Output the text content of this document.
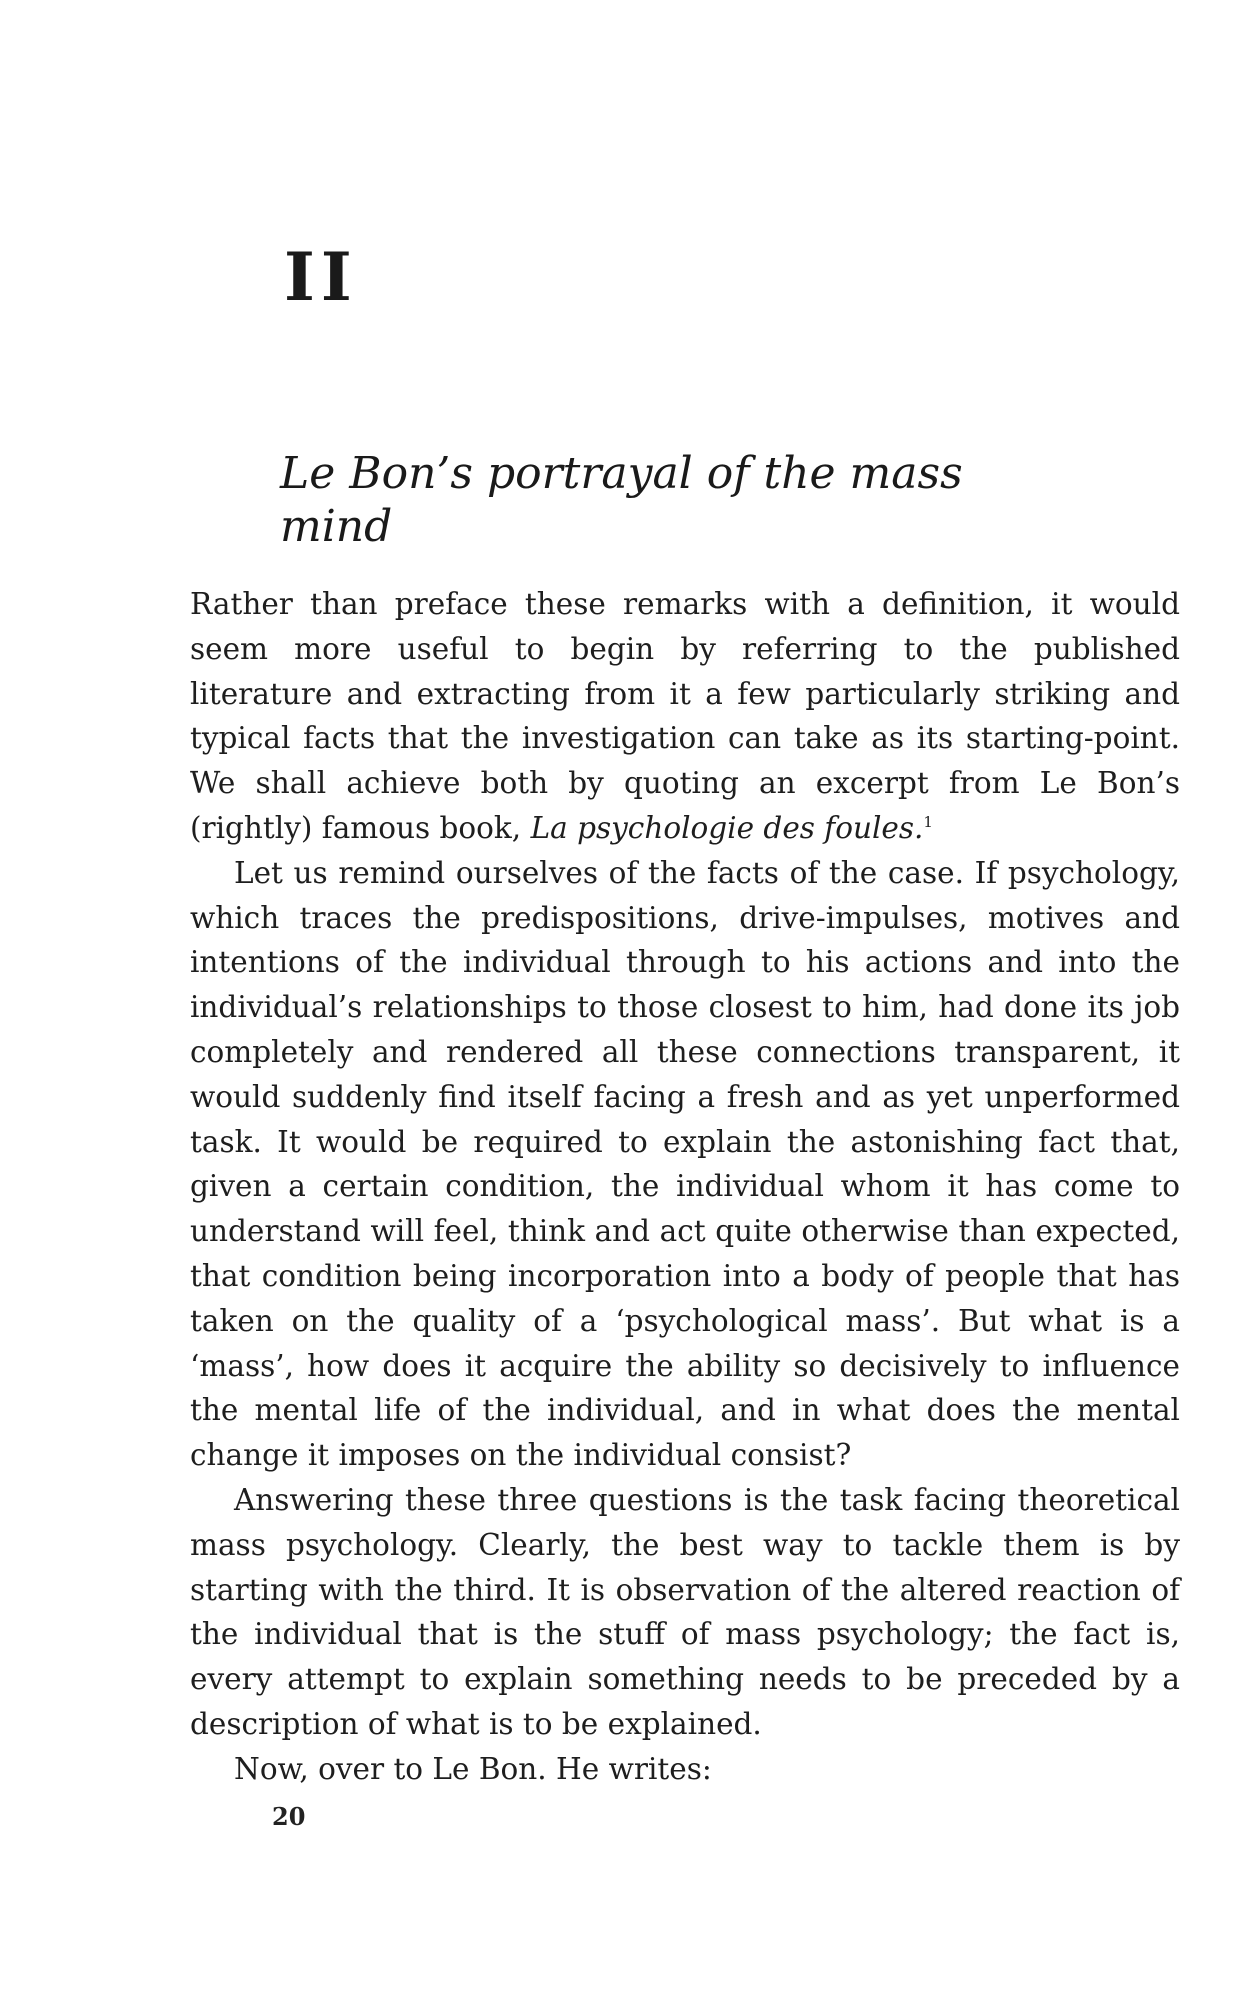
II
Le Bon’s portrayal of the mass mind

Rather than preface these remarks with a definition, it would seem more useful to begin by referring to the published literature and extracting from it a few particularly striking and typical facts that the investigation can take as its starting-point. We shall achieve both by quoting an excerpt from Le Bon’s (rightly) famous book, La psychologie des foules.$^1$

Let us remind ourselves of the facts of the case. If psychology, which traces the predispositions, drive-impulses, motives and intentions of the individual through to his actions and into the individual’s relationships to those closest to him, had done its job completely and rendered all these connections transparent, it would suddenly find itself facing a fresh and as yet unperformed task. It would be required to explain the astonishing fact that, given a certain condition, the individual whom it has come to understand will feel, think and act quite otherwise than expected, that condition being incorporation into a body of people that has taken on the quality of a ‘psychological mass’. But what is a ‘mass’, how does it acquire the ability so decisively to influence the mental life of the individual, and in what does the mental change it imposes on the individual consist?

Answering these three questions is the task facing theoretical mass psychology. Clearly, the best way to tackle them is by starting with the third. It is observation of the altered reaction of the individual that is the stuff of mass psychology; the fact is, every attempt to explain something needs to be preceded by a description of what is to be explained.

Now, over to Le Bon. He writes:

20
